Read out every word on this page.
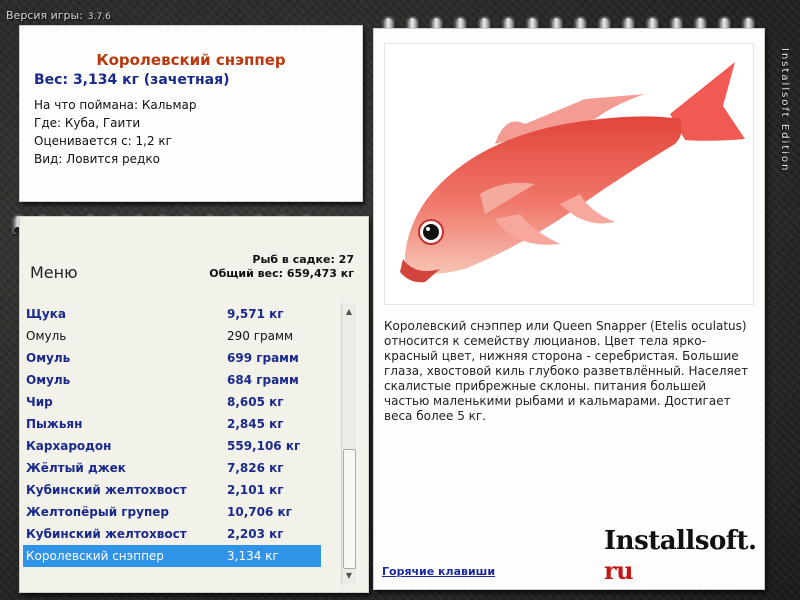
Версия игры: 3.7.6
Королевский снэппер
Вес: 3,134 кг (зачетная)
На что поймана: Кальмар
Где: Куба, Гаити
Оценивается с: 1,2 кг
Вид: Ловится редко
Меню
Рыб в садке: 27
Общий вес: 659,473 кг
Щука	9,571 кг
Омуль	290 грамм
Омуль	699 грамм
Омуль	684 грамм
Чир	8,605 кг
Пыжьян	2,845 кг
Кархародон	559,106 кг
Жёлтый джек	7,826 кг
Кубинский желтохвост	2,101 кг
Желтопёрый групер	10,706 кг
Кубинский желтохвост	2,203 кг
Королевский снэппер	3,134 кг
▲
▼
Королевский снэппер или Queen Snapper (Etelis oculatus) относится к семейству люцианов. Цвет тела ярко-красный цвет, нижняя сторона - серебристая. Большие глаза, хвостовой киль глубоко разветвлённый. Населяет скалистые прибрежные склоны. питания большей частью маленькими рыбами и кальмарами. Достигает веса более 5 кг.
Installsoft. ru
Горячие клавиши
Installsoft Edition
